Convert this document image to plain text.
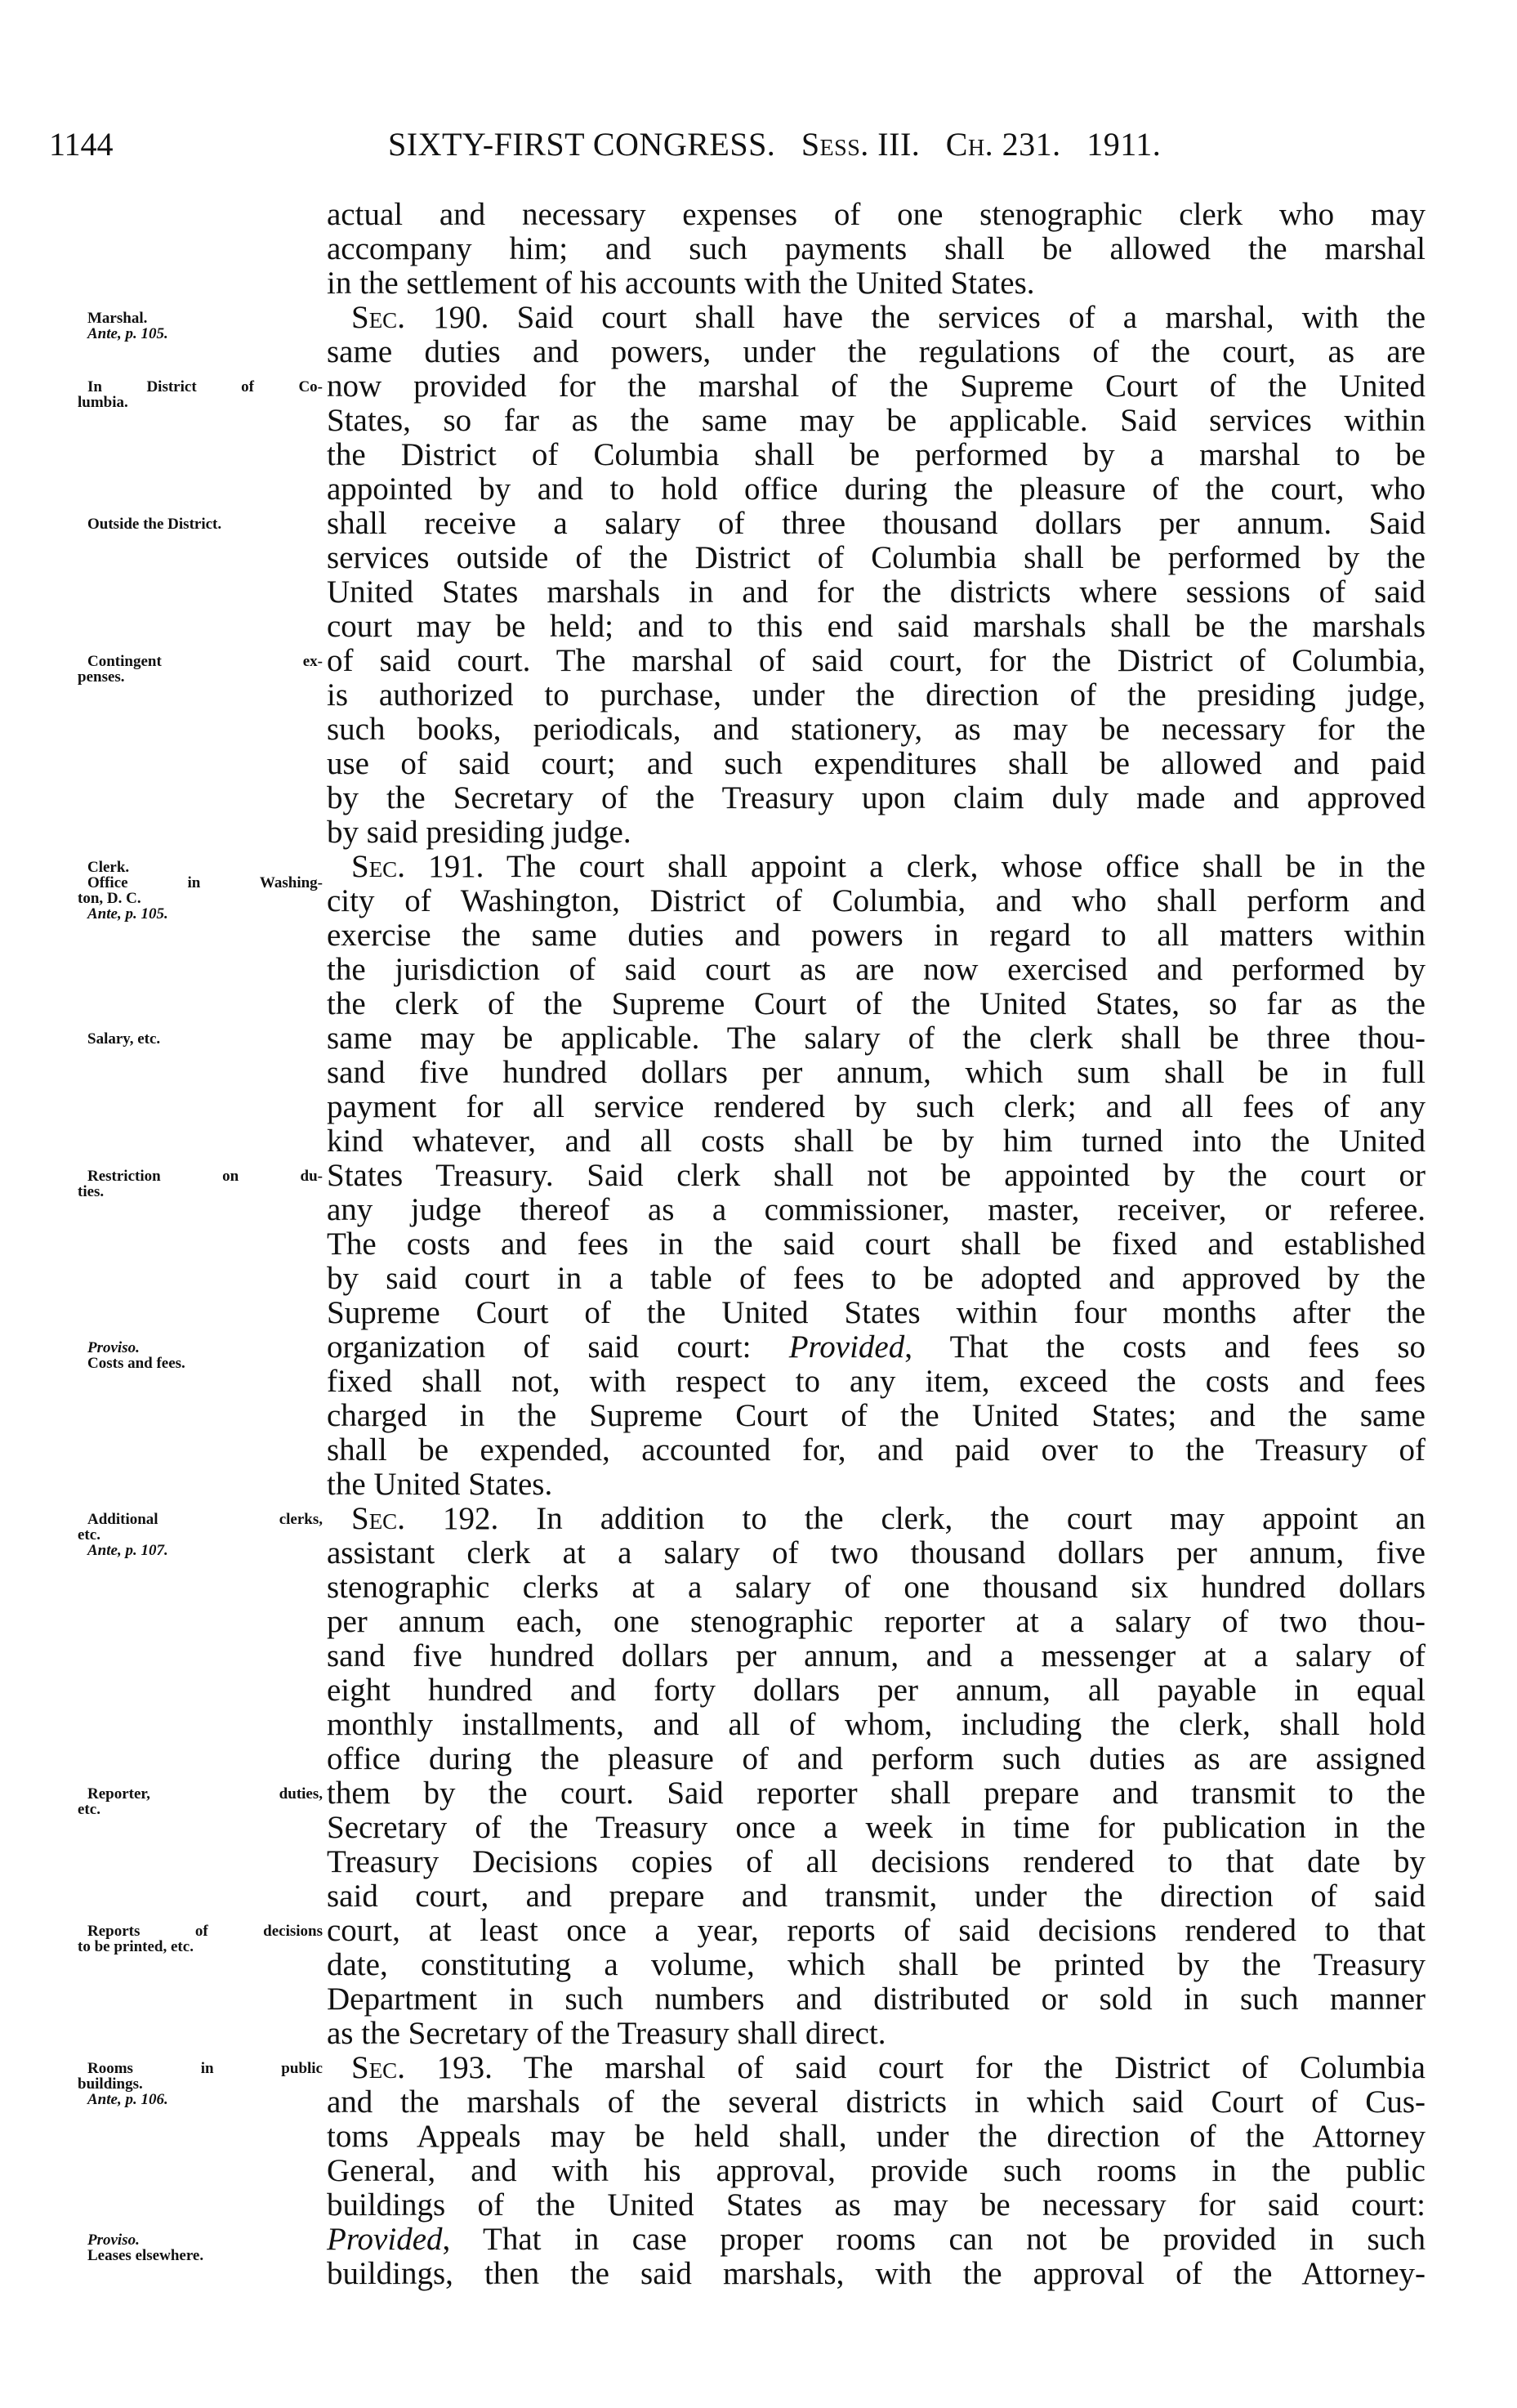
1144	SIXTY-FIRST CONGRESS. Sess. III. Ch. 231. 1911.
actual and necessary expenses of one stenographic clerk who may
accompany him; and such payments shall be allowed the marshal
in the settlement of his accounts with the United States.
Sec. 190. Said court shall have the services of a marshal, with the
same duties and powers, under the regulations of the court, as are
now provided for the marshal of the Supreme Court of the United
States, so far as the same may be applicable. Said services within
the District of Columbia shall be performed by a marshal to be
appointed by and to hold office during the pleasure of the court, who
shall receive a salary of three thousand dollars per annum. Said
services outside of the District of Columbia shall be performed by the
United States marshals in and for the districts where sessions of said
court may be held; and to this end said marshals shall be the marshals
of said court. The marshal of said court, for the District of Columbia,
is authorized to purchase, under the direction of the presiding judge,
such books, periodicals, and stationery, as may be necessary for the
use of said court; and such expenditures shall be allowed and paid
by the Secretary of the Treasury upon claim duly made and approved
by said presiding judge.
Sec. 191. The court shall appoint a clerk, whose office shall be in the
city of Washington, District of Columbia, and who shall perform and
exercise the same duties and powers in regard to all matters within
the jurisdiction of said court as are now exercised and performed by
the clerk of the Supreme Court of the United States, so far as the
same may be applicable. The salary of the clerk shall be three thou-
sand five hundred dollars per annum, which sum shall be in full
payment for all service rendered by such clerk; and all fees of any
kind whatever, and all costs shall be by him turned into the United
States Treasury. Said clerk shall not be appointed by the court or
any judge thereof as a commissioner, master, receiver, or referee.
The costs and fees in the said court shall be fixed and established
by said court in a table of fees to be adopted and approved by the
Supreme Court of the United States within four months after the
organization of said court: Provided, That the costs and fees so
fixed shall not, with respect to any item, exceed the costs and fees
charged in the Supreme Court of the United States; and the same
shall be expended, accounted for, and paid over to the Treasury of
the United States.
Sec. 192. In addition to the clerk, the court may appoint an
assistant clerk at a salary of two thousand dollars per annum, five
stenographic clerks at a salary of one thousand six hundred dollars
per annum each, one stenographic reporter at a salary of two thou-
sand five hundred dollars per annum, and a messenger at a salary of
eight hundred and forty dollars per annum, all payable in equal
monthly installments, and all of whom, including the clerk, shall hold
office during the pleasure of and perform such duties as are assigned
them by the court. Said reporter shall prepare and transmit to the
Secretary of the Treasury once a week in time for publication in the
Treasury Decisions copies of all decisions rendered to that date by
said court, and prepare and transmit, under the direction of said
court, at least once a year, reports of said decisions rendered to that
date, constituting a volume, which shall be printed by the Treasury
Department in such numbers and distributed or sold in such manner
as the Secretary of the Treasury shall direct.
Sec. 193. The marshal of said court for the District of Columbia
and the marshals of the several districts in which said Court of Cus-
toms Appeals may be held shall, under the direction of the Attorney
General, and with his approval, provide such rooms in the public
buildings of the United States as may be necessary for said court:
Provided, That in case proper rooms can not be provided in such
buildings, then the said marshals, with the approval of the Attorney-
Marshal.
Ante, p. 105.
In District of Co-
lumbia.
Outside the District.
Contingent ex-
penses.
Clerk.
Office in Washing-
ton, D. C.
Ante, p. 105.
Salary, etc.
Restriction on du-
ties.
Proviso.
Costs and fees.
Additional clerks,
etc.
Ante, p. 107.
Reporter, duties,
etc.
Reports of decisions
to be printed, etc.
Rooms in public
buildings.
Ante, p. 106.
Proviso.
Leases elsewhere.
